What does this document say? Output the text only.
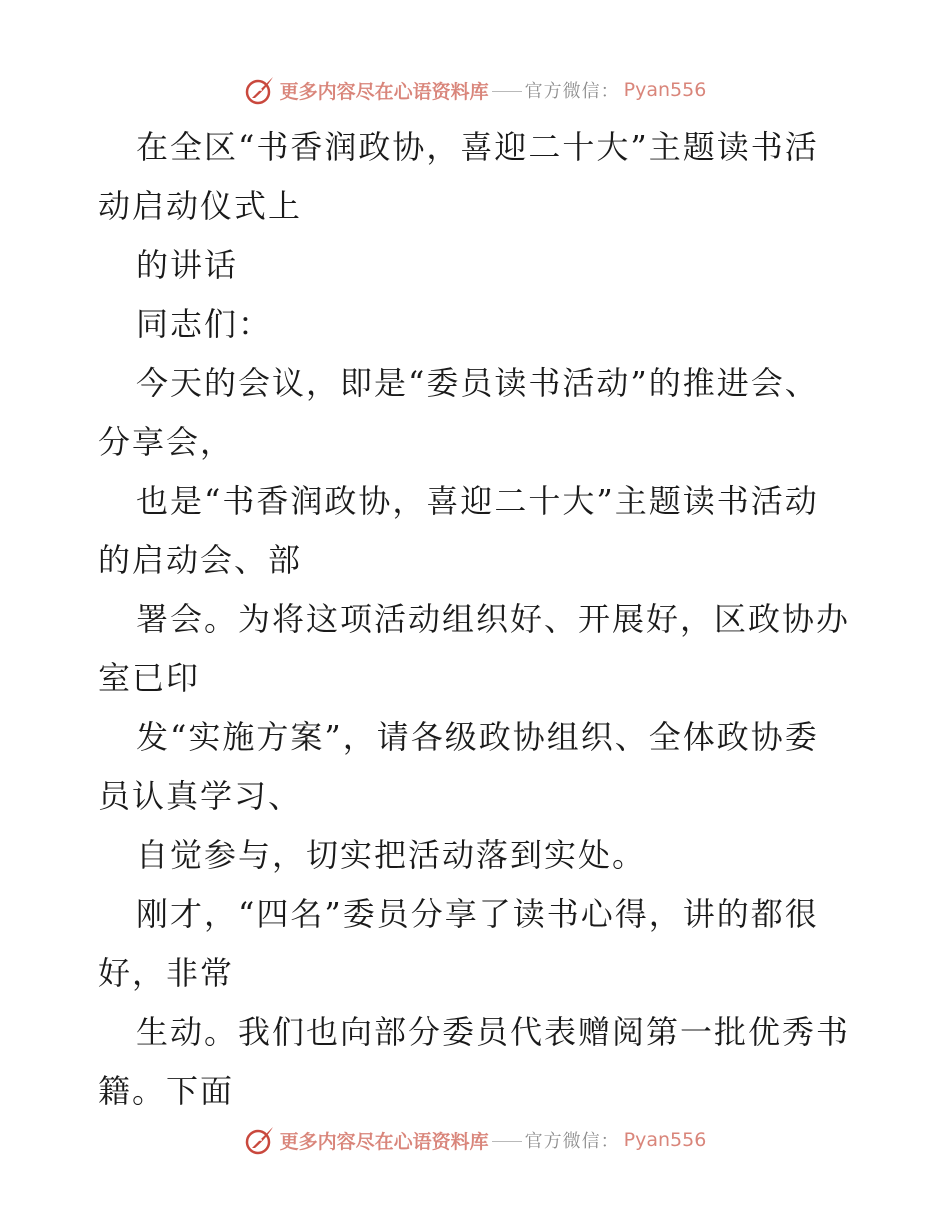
更多内容尽在心语资料库 官方微信： Pyan556
在全区“书香润政协，喜迎二十大”主题读书活
动启动仪式上
的讲话
同志们：
今天的会议，即是“委员读书活动”的推进会、
分享会，
也是“书香润政协，喜迎二十大”主题读书活动
的启动会、部
署会。为将这项活动组织好、开展好，区政协办
室已印
发“实施方案”，请各级政协组织、全体政协委
员认真学习、
自觉参与，切实把活动落到实处。
刚才，“四名”委员分享了读书心得，讲的都很
好，非常
生动。我们也向部分委员代表赠阅第一批优秀书
籍。下面
更多内容尽在心语资料库 官方微信： Pyan556
